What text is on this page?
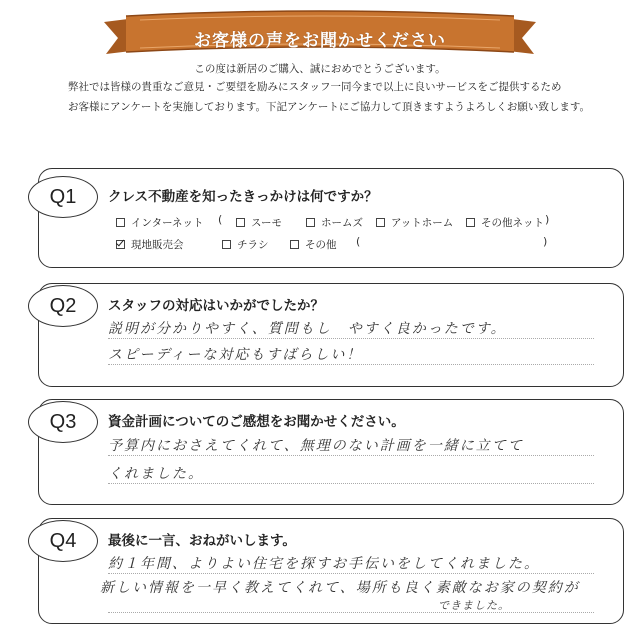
お客様の声をお聞かせください
この度は新居のご購入、誠におめでとうございます。
弊社では皆様の貴重なご意見・ご要望を励みにスタッフ一同今まで以上に良いサービスをご提供するため
お客様にアンケートを実施しております。下記アンケートにご協力して頂きますようよろしくお願い致します。
Q1	クレス不動産を知ったきっかけは何ですか？
インターネット (	スーモ	ホームズ	アットホーム	その他ネット )
現地販売会	チラシ	その他 (	)
Q2	スタッフの対応はいかがでしたか？
説明が分かりやすく、質問もし　やすく良かったです。
スピーディーな対応もすばらしい！
Q3	資金計画についてのご感想をお聞かせください。
予算内におさえてくれて、無理のない計画を一緒に立てて
くれました。
Q4	最後に一言、おねがいします。
約１年間、よりよい住宅を探すお手伝いをしてくれました。
新しい情報を一早く教えてくれて、場所も良く素敵なお家の契約が
できました。
